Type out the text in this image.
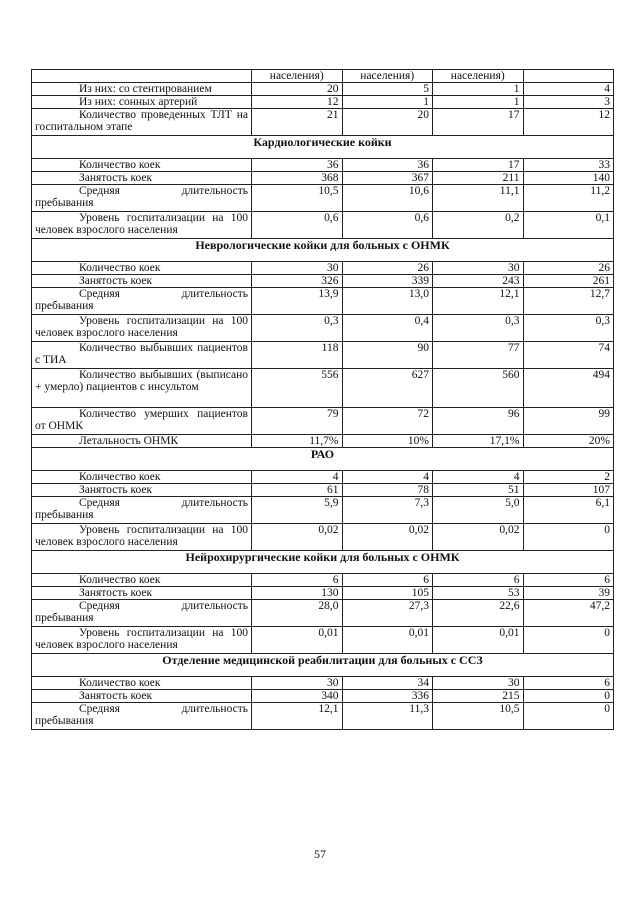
	населения)	населения)	населения)	
Из них: со стентированием	20	5	1	4
Из них: сонных артерий	12	1	1	3
Количество проведенных ТЛТ на госпитальном этапе	21	20	17	12
Кардиологические койки				
Количество коек	36	36	17	33
Занятость коек	368	367	211	140
Средняя длительность пребывания	10,5	10,6	11,1	11,2
Уровень госпитализации на 100 человек взрослого населения	0,6	0,6	0,2	0,1
Неврологические койки для больных с ОНМК				
Количество коек	30	26	30	26
Занятость коек	326	339	243	261
Средняя длительность пребывания	13,9	13,0	12,1	12,7
Уровень госпитализации на 100 человек взрослого населения	0,3	0,4	0,3	0,3
Количество выбывших пациентов с ТИА	118	90	77	74
Количество выбывших (выписано + умерло) пациентов с инсультом	556	627	560	494
Количество умерших пациентов от ОНМК	79	72	96	99
Летальность ОНМК	11,7%	10%	17,1%	20%
РАО				
Количество коек	4	4	4	2
Занятость коек	61	78	51	107
Средняя длительность пребывания	5,9	7,3	5,0	6,1
Уровень госпитализации на 100 человек взрослого населения	0,02	0,02	0,02	0
Нейрохирургические койки для больных с ОНМК				
Количество коек	6	6	6	6
Занятость коек	130	105	53	39
Средняя длительность пребывания	28,0	27,3	22,6	47,2
Уровень госпитализации на 100 человек взрослого населения	0,01	0,01	0,01	0
Отделение медицинской реабилитации для больных с ССЗ				
Количество коек	30	34	30	6
Занятость коек	340	336	215	0
Средняя длительность пребывания	12,1	11,3	10,5	0
57
